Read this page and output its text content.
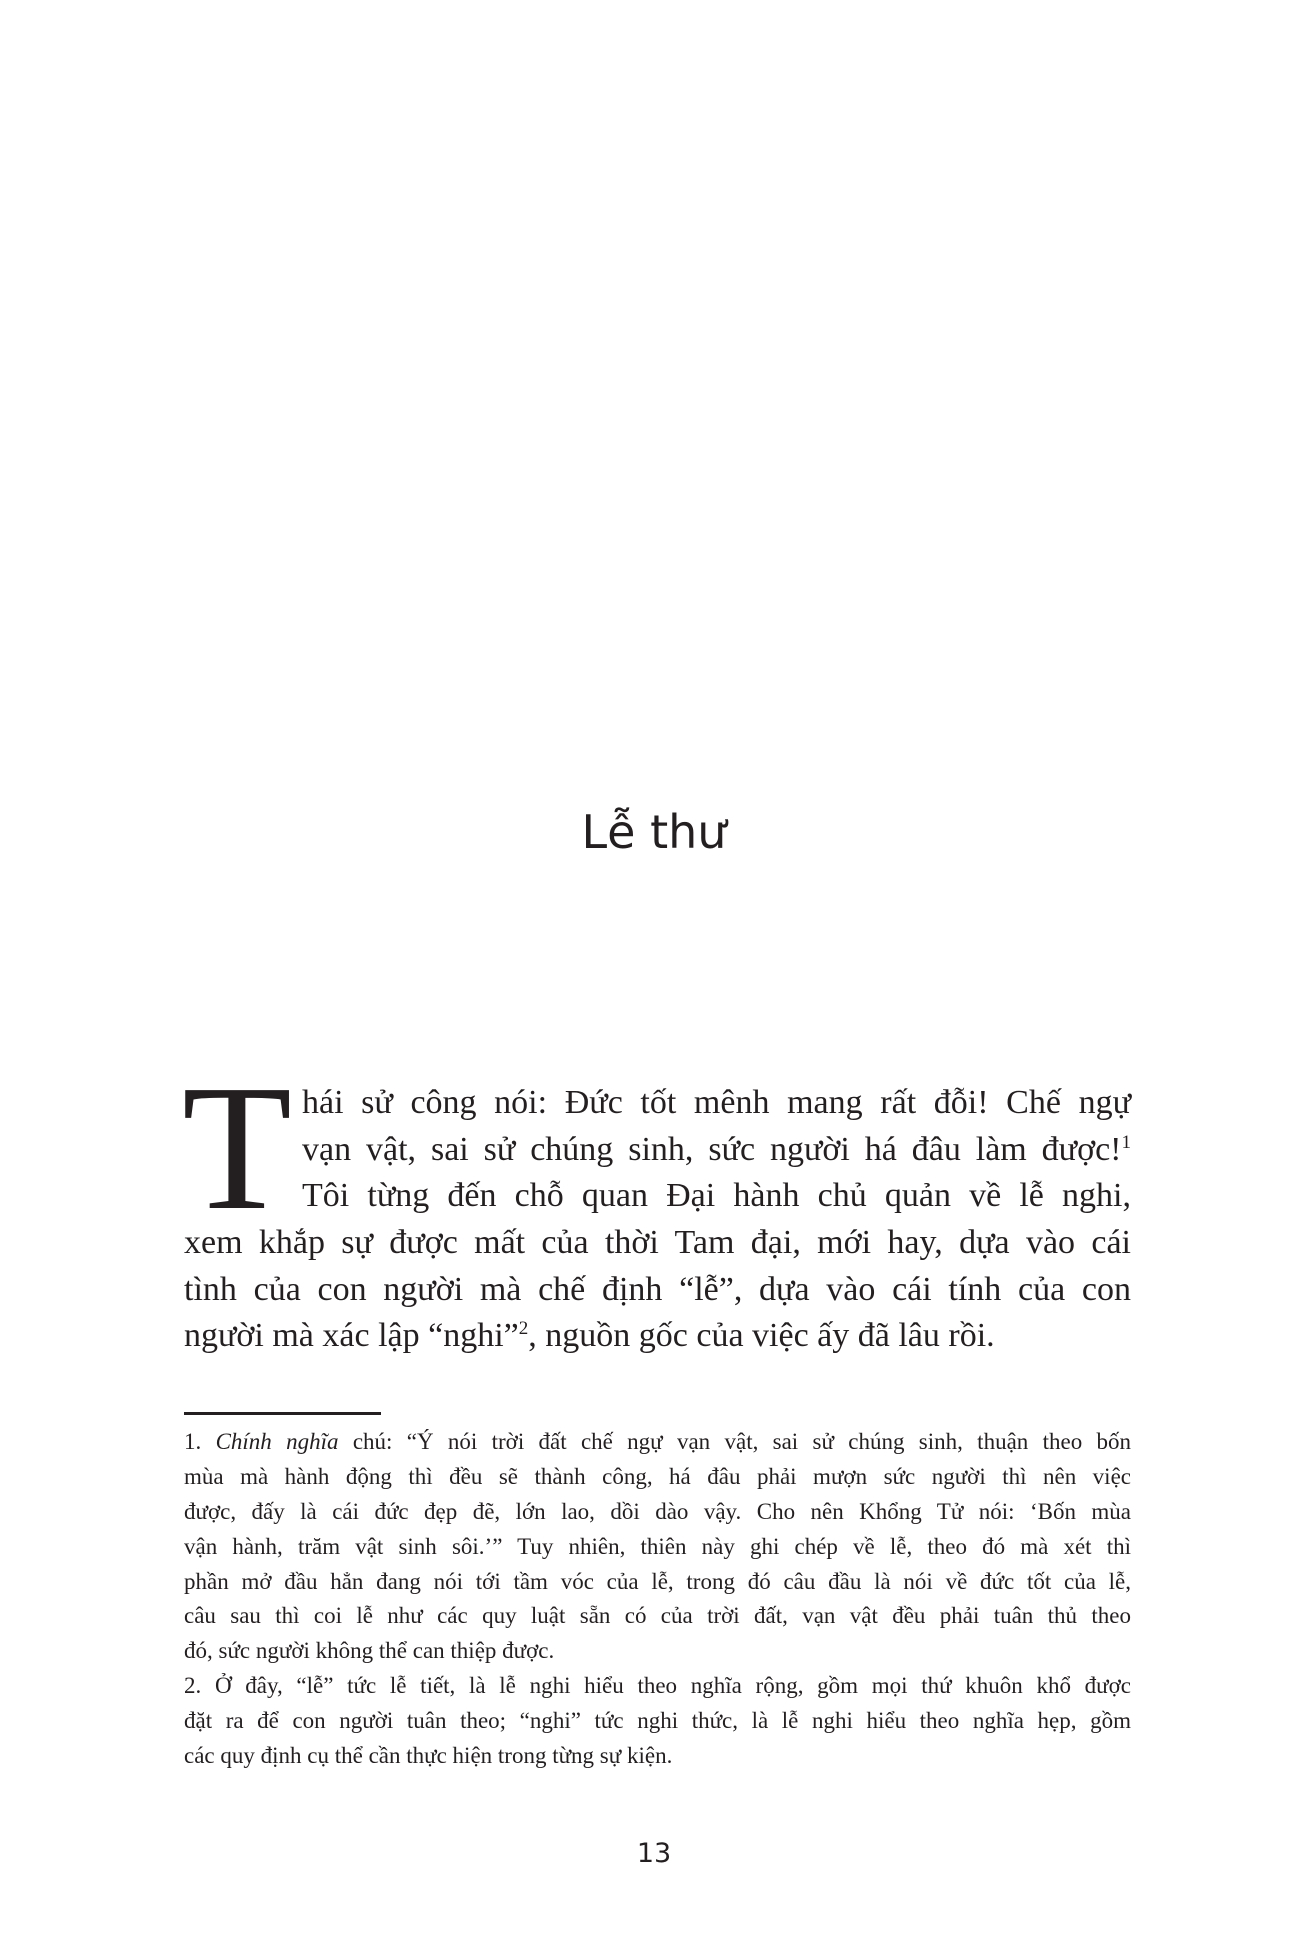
Lễ thư
T hái sử công nói: Đức tốt mênh mang rất đỗi! Chế ngự
vạn vật, sai sử chúng sinh, sức người há đâu làm được!$^1$
Tôi từng đến chỗ quan Đại hành chủ quản về lễ nghi,
xem khắp sự được mất của thời Tam đại, mới hay, dựa vào cái
tình của con người mà chế định “lễ”, dựa vào cái tính của con
người mà xác lập “nghi”$^2$, nguồn gốc của việc ấy đã lâu rồi.
1. Chính nghĩa chú: “Ý nói trời đất chế ngự vạn vật, sai sử chúng sinh, thuận theo bốn
mùa mà hành động thì đều sẽ thành công, há đâu phải mượn sức người thì nên việc
được, đấy là cái đức đẹp đẽ, lớn lao, dồi dào vậy. Cho nên Khổng Tử nói: ‘Bốn mùa
vận hành, trăm vật sinh sôi.’” Tuy nhiên, thiên này ghi chép về lễ, theo đó mà xét thì
phần mở đầu hẳn đang nói tới tầm vóc của lễ, trong đó câu đầu là nói về đức tốt của lễ,
câu sau thì coi lễ như các quy luật sẵn có của trời đất, vạn vật đều phải tuân thủ theo
đó, sức người không thể can thiệp được.
2. Ở đây, “lễ” tức lễ tiết, là lễ nghi hiểu theo nghĩa rộng, gồm mọi thứ khuôn khổ được
đặt ra để con người tuân theo; “nghi” tức nghi thức, là lễ nghi hiểu theo nghĩa hẹp, gồm
các quy định cụ thể cần thực hiện trong từng sự kiện.
13
